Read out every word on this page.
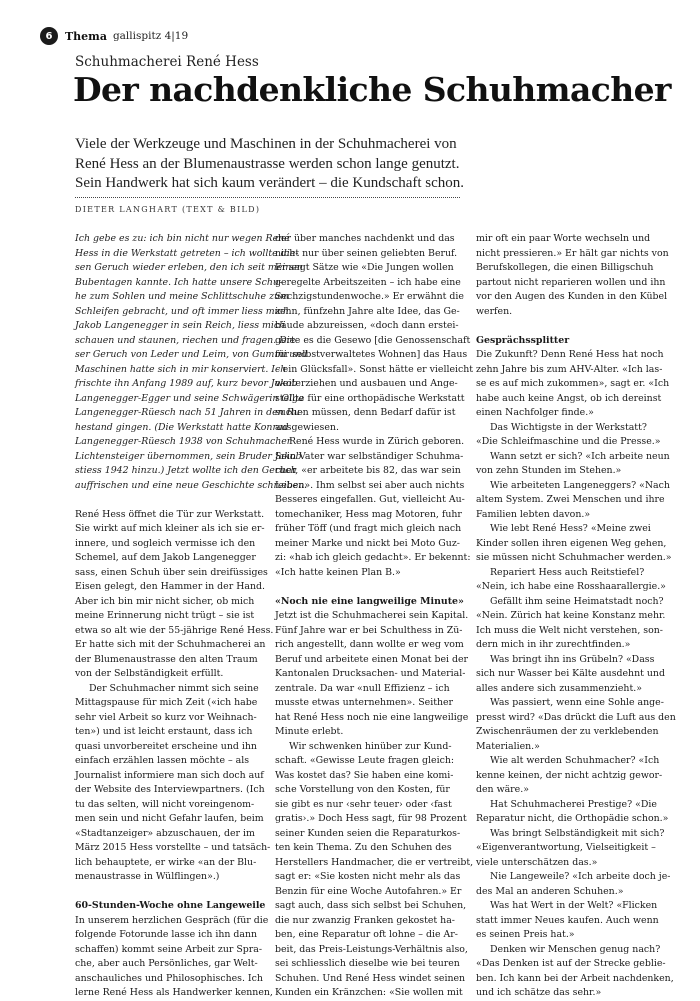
6	Thema gallispitz 4|19
Schuhmacherei René Hess
Der nachdenkliche Schuhmacher
Viele der Werkzeuge und Maschinen in der Schuhmacherei von
René Hess an der Blumenaustrasse werden schon lange genutzt.
Sein Handwerk hat sich kaum verändert – die Kundschaft schon.
DIETER LANGHART (TEXT & BILD)
Ich gebe es zu: ich bin nicht nur wegen René
Hess in die Werkstatt getreten – ich wollte die-
sen Geruch wieder erleben, den ich seit meinen
Bubentagen kannte. Ich hatte unsere Schu-
he zum Sohlen und meine Schlittschuhe zum
Schleifen gebracht, und oft immer liess mich
Jakob Langenegger in sein Reich, liess mich
schauen und staunen, riechen und fragen. Die-
ser Geruch von Leder und Leim, von Gummi und
Maschinen hatte sich in mir konserviert. Ich
frischte ihn Anfang 1989 auf, kurz bevor Jakob
Langenegger-Egger und seine Schwägerin Olga
Langenegger-Rüesch nach 51 Jahren in den Ru-
hestand gingen. (Die Werkstatt hatte Konrad
Langenegger-Rüesch 1938 von Schuhmacher
Lichtensteiger übernommen, sein Bruder Jakob
stiess 1942 hinzu.) Jetzt wollte ich den Geruch
auffrischen und eine neue Geschichte schreiben.
René Hess öffnet die Tür zur Werkstatt.
Sie wirkt auf mich kleiner als ich sie er-
innere, und sogleich vermisse ich den
Schemel, auf dem Jakob Langenegger
sass, einen Schuh über sein dreifüssiges
Eisen gelegt, den Hammer in der Hand.
Aber ich bin mir nicht sicher, ob mich
meine Erinnerung nicht trügt – sie ist
etwa so alt wie der 55-jährige René Hess.
Er hatte sich mit der Schuhmacherei an
der Blumenaustrasse den alten Traum
von der Selbständigkeit erfüllt.
Der Schuhmacher nimmt sich seine
Mittagspause für mich Zeit («ich habe
sehr viel Arbeit so kurz vor Weihnach-
ten») und ist leicht erstaunt, dass ich
quasi unvorbereitet erscheine und ihn
einfach erzählen lassen möchte – als
Journalist informiere man sich doch auf
der Website des Interviewpartners. (Ich
tu das selten, will nicht voreingenom-
men sein und nicht Gefahr laufen, beim
«Stadtanzeiger» abzuschauen, der im
März 2015 Hess vorstellte – und tatsäch-
lich behauptete, er wirke «an der Blu-
menaustrasse in Wülflingen».)
60-Stunden-Woche ohne Langeweile
In unserem herzlichen Gespräch (für die
folgende Fotorunde lasse ich ihn dann
schaffen) kommt seine Arbeit zur Spra-
che, aber auch Persönliches, gar Welt-
anschauliches und Philosophisches. Ich
lerne René Hess als Handwerker kennen,
der über manches nachdenkt und das
nicht nur über seinen geliebten Beruf.
Er sagt Sätze wie «Die Jungen wollen
geregelte Arbeitszeiten – ich habe eine
Sechzigstundenwoche.» Er erwähnt die
zehn, fünfzehn Jahre alte Idee, das Ge-
bäude abzureissen, «doch dann erstei-
gerte es die Gesewo [die Genossenschaft
für selbstverwaltetes Wohnen] das Haus
– ein Glücksfall». Sonst hätte er vielleicht
weiterziehen und ausbauen und Ange-
stellte für eine orthopädische Werkstatt
suchen müssen, denn Bedarf dafür ist
ausgewiesen.
René Hess wurde in Zürich geboren.
Sein Vater war selbständiger Schuhma-
cher, «er arbeitete bis 82, das war sein
Leben». Ihm selbst sei aber auch nichts
Besseres eingefallen. Gut, vielleicht Au-
tomechaniker, Hess mag Motoren, fuhr
früher Töff (und fragt mich gleich nach
meiner Marke und nickt bei Moto Guz-
zi: «hab ich gleich gedacht». Er bekennt:
«Ich hatte keinen Plan B.»
«Noch nie eine langweilige Minute»
Jetzt ist die Schuhmacherei sein Kapital.
Fünf Jahre war er bei Schulthess in Zü-
rich angestellt, dann wollte er weg vom
Beruf und arbeitete einen Monat bei der
Kantonalen Drucksachen- und Material-
zentrale. Da war «null Effizienz – ich
musste etwas unternehmen». Seither
hat René Hess noch nie eine langweilige
Minute erlebt.
Wir schwenken hinüber zur Kund-
schaft. «Gewisse Leute fragen gleich:
Was kostet das? Sie haben eine komi-
sche Vorstellung von den Kosten, für
sie gibt es nur ‹sehr teuer› oder ‹fast
gratis›.» Doch Hess sagt, für 98 Prozent
seiner Kunden seien die Reparaturkos-
ten kein Thema. Zu den Schuhen des
Herstellers Handmacher, die er vertreibt,
sagt er: «Sie kosten nicht mehr als das
Benzin für eine Woche Autofahren.» Er
sagt auch, dass sich selbst bei Schuhen,
die nur zwanzig Franken gekostet ha-
ben, eine Reparatur oft lohne – die Ar-
beit, das Preis-Leistungs-Verhältnis also,
sei schliesslich dieselbe wie bei teuren
Schuhen. Und René Hess windet seinen
Kunden ein Kränzchen: «Sie wollen mit
mir oft ein paar Worte wechseln und
nicht pressieren.» Er hält gar nichts von
Berufskollegen, die einen Billigschuh
partout nicht reparieren wollen und ihn
vor den Augen des Kunden in den Kübel
werfen.
Gesprächssplitter
Die Zukunft? Denn René Hess hat noch
zehn Jahre bis zum AHV-Alter. «Ich las-
se es auf mich zukommen», sagt er. «Ich
habe auch keine Angst, ob ich dereinst
einen Nachfolger finde.»
Das Wichtigste in der Werkstatt?
«Die Schleifmaschine und die Presse.»
Wann setzt er sich? «Ich arbeite neun
von zehn Stunden im Stehen.»
Wie arbeiteten Langeneggers? «Nach
altem System. Zwei Menschen und ihre
Familien lebten davon.»
Wie lebt René Hess? «Meine zwei
Kinder sollen ihren eigenen Weg gehen,
sie müssen nicht Schuhmacher werden.»
Repariert Hess auch Reitstiefel?
«Nein, ich habe eine Rosshaarallergie.»
Gefällt ihm seine Heimatstadt noch?
«Nein. Zürich hat keine Konstanz mehr.
Ich muss die Welt nicht verstehen, son-
dern mich in ihr zurechtfinden.»
Was bringt ihn ins Grübeln? «Dass
sich nur Wasser bei Kälte ausdehnt und
alles andere sich zusammenzieht.»
Was passiert, wenn eine Sohle ange-
presst wird? «Das drückt die Luft aus den
Zwischenräumen der zu verklebenden
Materialien.»
Wie alt werden Schuhmacher? «Ich
kenne keinen, der nicht achtzig gewor-
den wäre.»
Hat Schuhmacherei Prestige? «Die
Reparatur nicht, die Orthopädie schon.»
Was bringt Selbständigkeit mit sich?
«Eigenverantwortung, Vielseitigkeit –
viele unterschätzen das.»
Nie Langeweile? «Ich arbeite doch je-
des Mal an anderen Schuhen.»
Was hat Wert in der Welt? «Flicken
statt immer Neues kaufen. Auch wenn
es seinen Preis hat.»
Denken wir Menschen genug nach?
«Das Denken ist auf der Strecke geblie-
ben. Ich kann bei der Arbeit nachdenken,
und ich schätze das sehr.»
